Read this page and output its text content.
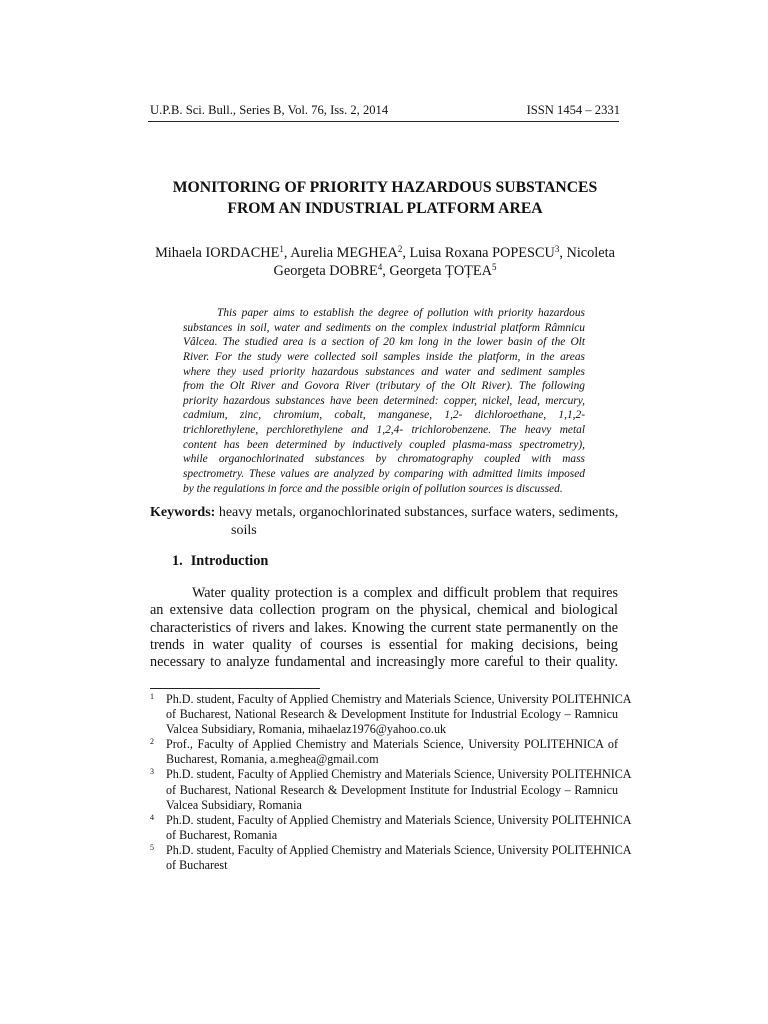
U.P.B. Sci. Bull., Series B, Vol. 76, Iss. 2, 2014	ISSN 1454 – 2331
MONITORING OF PRIORITY HAZARDOUS SUBSTANCES
FROM AN INDUSTRIAL PLATFORM AREA
Mihaela IORDACHE$^1$, Aurelia MEGHEA$^2$, Luisa Roxana POPESCU$^3$, Nicoleta
Georgeta DOBRE$^4$, Georgeta ȚOȚEA$^5$
This paper aims to establish the degree of pollution with priority hazardous
substances in soil, water and sediments on the complex industrial platform Râmnicu
Vâlcea. The studied area is a section of 20 km long in the lower basin of the Olt
River. For the study were collected soil samples inside the platform, in the areas
where they used priority hazardous substances and water and sediment samples
from the Olt River and Govora River (tributary of the Olt River). The following
priority hazardous substances have been determined: copper, nickel, lead, mercury,
cadmium, zinc, chromium, cobalt, manganese, 1,2- dichloroethane, 1,1,2-
trichlorethylene, perchlorethylene and 1,2,4- trichlorobenzene. The heavy metal
content has been determined by inductively coupled plasma-mass spectrometry),
while organochlorinated substances by chromatography coupled with mass
spectrometry. These values are analyzed by comparing with admitted limits imposed
by the regulations in force and the possible origin of pollution sources is discussed.
Keywords: heavy metals, organochlorinated substances, surface waters, sediments,
soils
1. Introduction
Water quality protection is a complex and difficult problem that requires
an extensive data collection program on the physical, chemical and biological
characteristics of rivers and lakes. Knowing the current state permanently on the
trends in water quality of courses is essential for making decisions, being
necessary to analyze fundamental and increasingly more careful to their quality.
1 Ph.D. student, Faculty of Applied Chemistry and Materials Science, University POLITEHNICA
of Bucharest, National Research & Development Institute for Industrial Ecology – Ramnicu
Valcea Subsidiary, Romania, mihaelaz1976@yahoo.co.uk
2 Prof., Faculty of Applied Chemistry and Materials Science, University POLITEHNICA of
Bucharest, Romania, a.meghea@gmail.com
3 Ph.D. student, Faculty of Applied Chemistry and Materials Science, University POLITEHNICA
of Bucharest, National Research & Development Institute for Industrial Ecology – Ramnicu
Valcea Subsidiary, Romania
4 Ph.D. student, Faculty of Applied Chemistry and Materials Science, University POLITEHNICA
of Bucharest, Romania
5 Ph.D. student, Faculty of Applied Chemistry and Materials Science, University POLITEHNICA
of Bucharest
